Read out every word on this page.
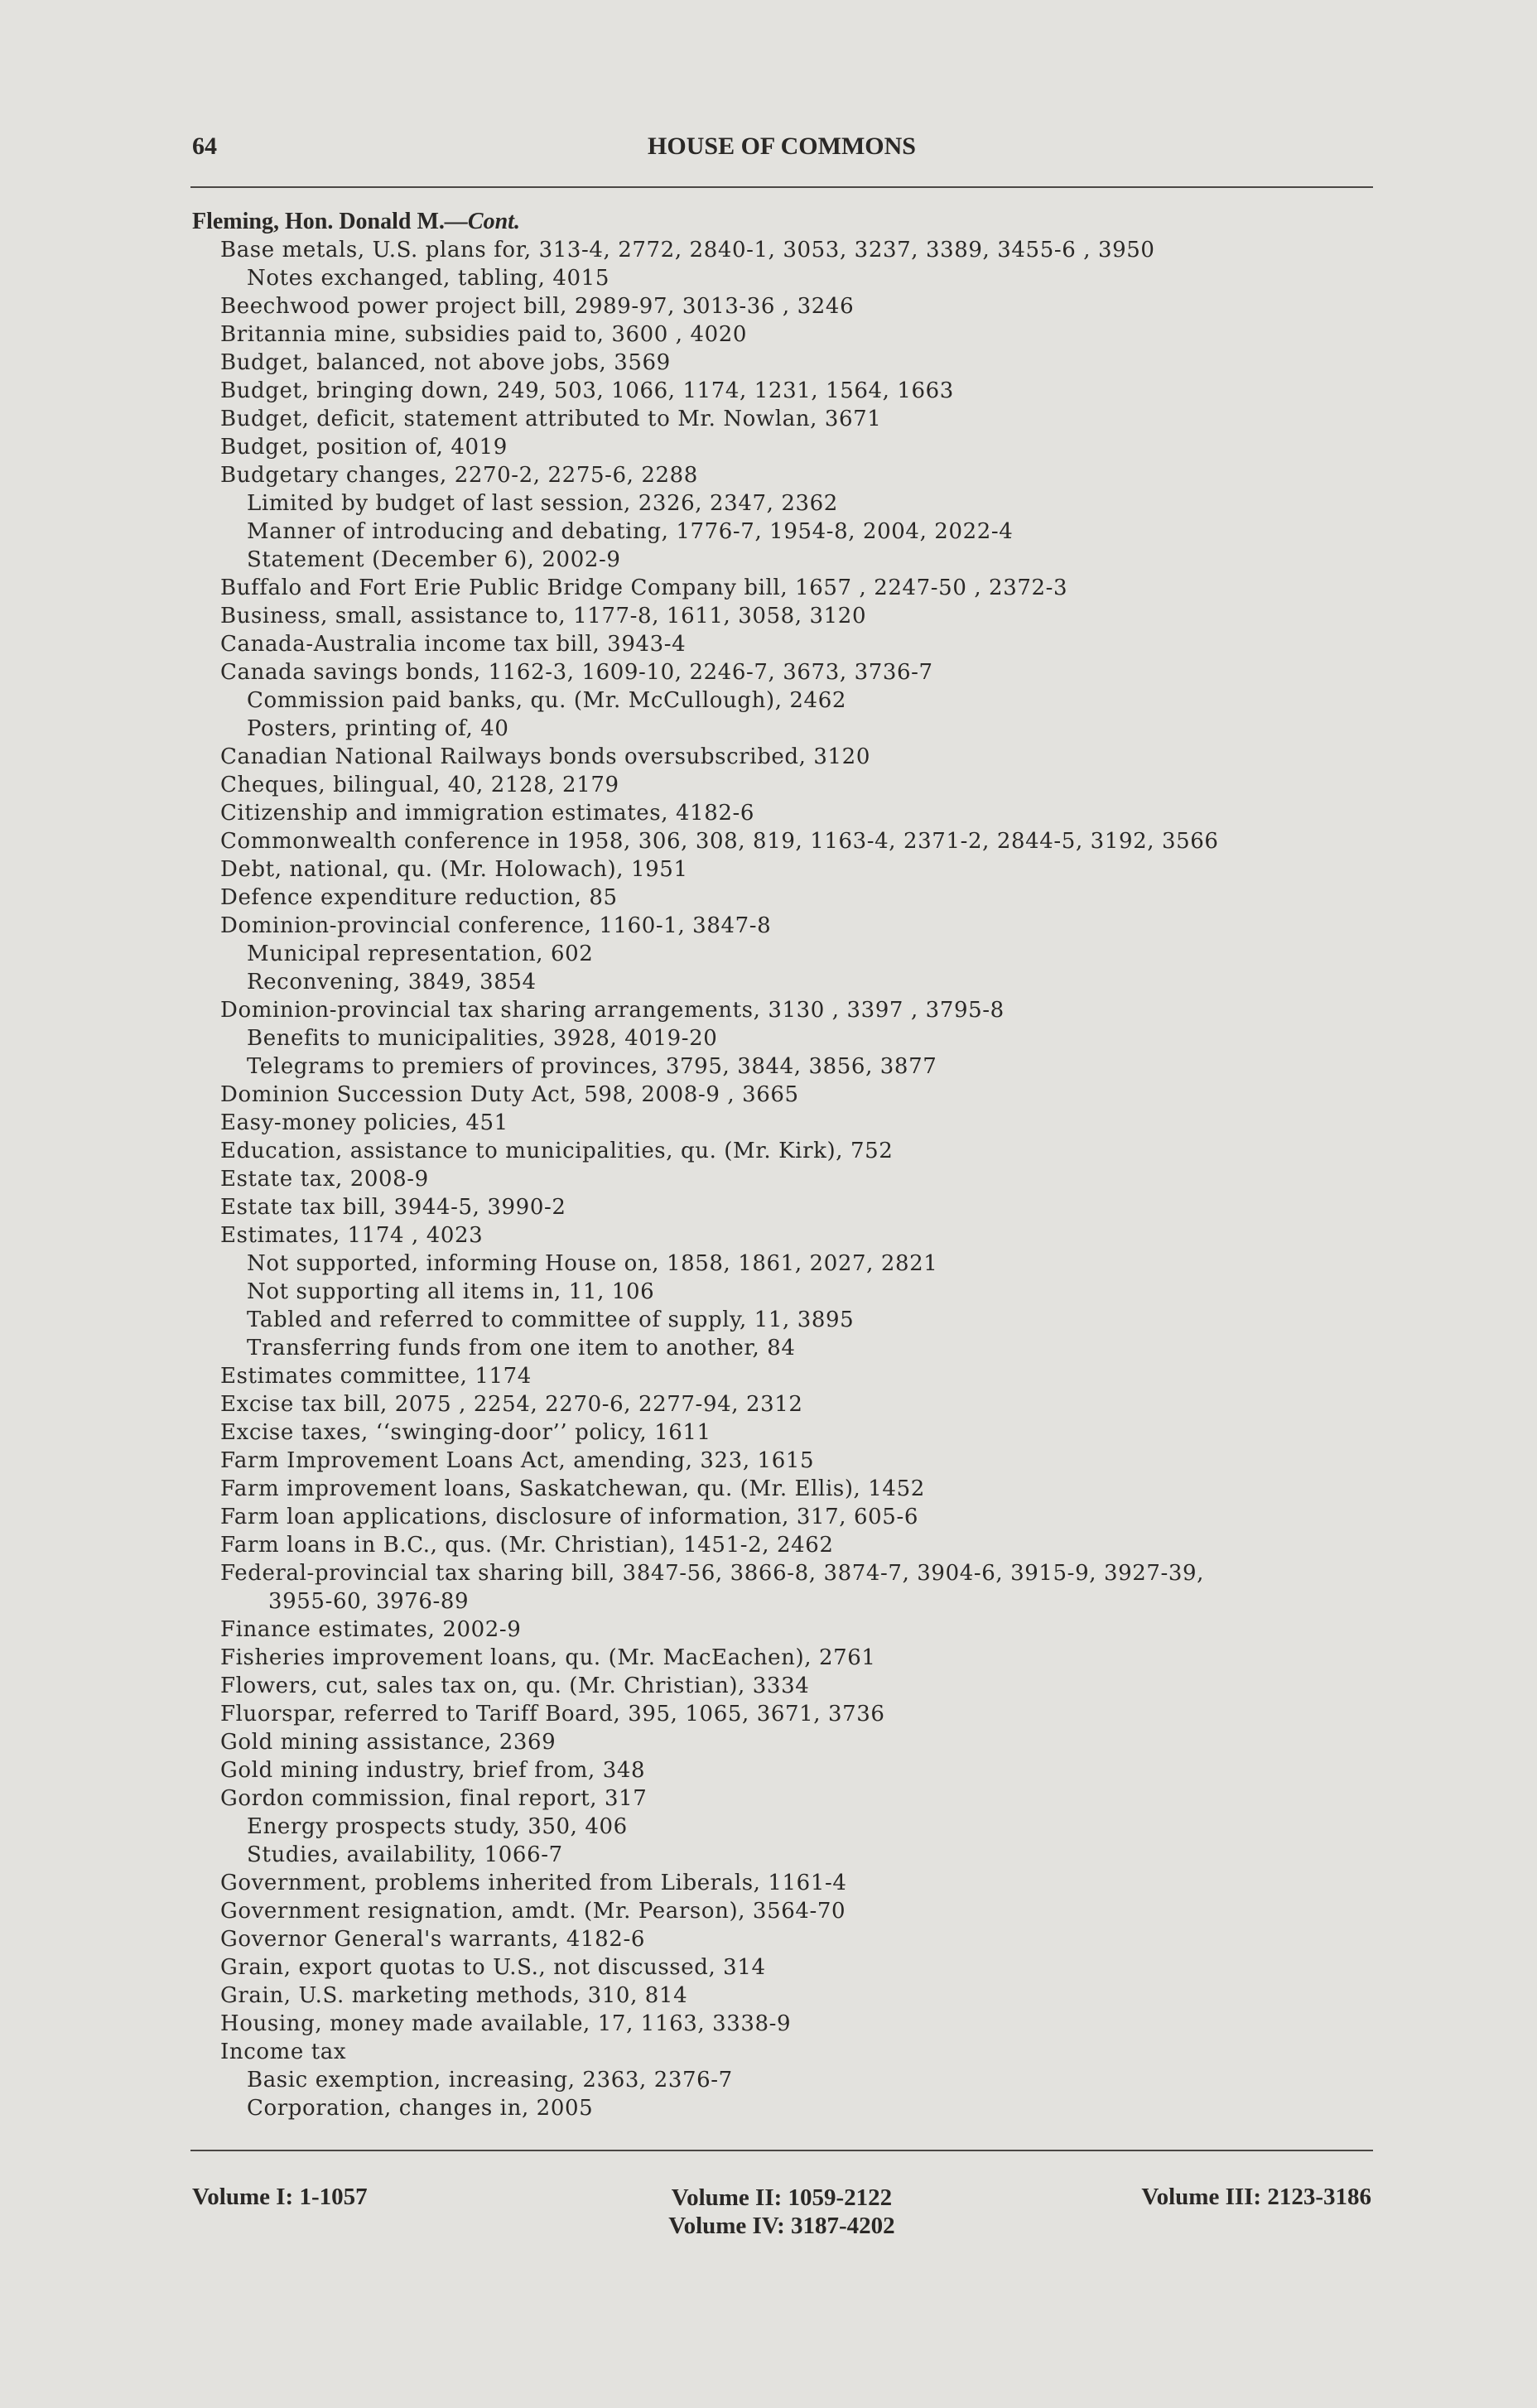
64	HOUSE OF COMMONS
Fleming, Hon. Donald M.—Cont.
Base metals, U.S. plans for, 313-4, 2772, 2840-1, 3053, 3237, 3389, 3455-6 , 3950
Notes exchanged, tabling, 4015
Beechwood power project bill, 2989-97, 3013-36 , 3246
Britannia mine, subsidies paid to, 3600 , 4020
Budget, balanced, not above jobs, 3569
Budget, bringing down, 249, 503, 1066, 1174, 1231, 1564, 1663
Budget, deficit, statement attributed to Mr. Nowlan, 3671
Budget, position of, 4019
Budgetary changes, 2270-2, 2275-6, 2288
Limited by budget of last session, 2326, 2347, 2362
Manner of introducing and debating, 1776-7, 1954-8, 2004, 2022-4
Statement (December 6), 2002-9
Buffalo and Fort Erie Public Bridge Company bill, 1657 , 2247-50 , 2372-3
Business, small, assistance to, 1177-8, 1611, 3058, 3120
Canada-Australia income tax bill, 3943-4
Canada savings bonds, 1162-3, 1609-10, 2246-7, 3673, 3736-7
Commission paid banks, qu. (Mr. McCullough), 2462
Posters, printing of, 40
Canadian National Railways bonds oversubscribed, 3120
Cheques, bilingual, 40, 2128, 2179
Citizenship and immigration estimates, 4182-6
Commonwealth conference in 1958, 306, 308, 819, 1163-4, 2371-2, 2844-5, 3192, 3566
Debt, national, qu. (Mr. Holowach), 1951
Defence expenditure reduction, 85
Dominion-provincial conference, 1160-1, 3847-8
Municipal representation, 602
Reconvening, 3849, 3854
Dominion-provincial tax sharing arrangements, 3130 , 3397 , 3795-8
Benefits to municipalities, 3928, 4019-20
Telegrams to premiers of provinces, 3795, 3844, 3856, 3877
Dominion Succession Duty Act, 598, 2008-9 , 3665
Easy-money policies, 451
Education, assistance to municipalities, qu. (Mr. Kirk), 752
Estate tax, 2008-9
Estate tax bill, 3944-5, 3990-2
Estimates, 1174 , 4023
Not supported, informing House on, 1858, 1861, 2027, 2821
Not supporting all items in, 11, 106
Tabled and referred to committee of supply, 11, 3895
Transferring funds from one item to another, 84
Estimates committee, 1174
Excise tax bill, 2075 , 2254, 2270-6, 2277-94, 2312
Excise taxes, ‘‘swinging-door’’ policy, 1611
Farm Improvement Loans Act, amending, 323, 1615
Farm improvement loans, Saskatchewan, qu. (Mr. Ellis), 1452
Farm loan applications, disclosure of information, 317, 605-6
Farm loans in B.C., qus. (Mr. Christian), 1451-2, 2462
Federal-provincial tax sharing bill, 3847-56, 3866-8, 3874-7, 3904-6, 3915-9, 3927-39,
3955-60, 3976-89
Finance estimates, 2002-9
Fisheries improvement loans, qu. (Mr. MacEachen), 2761
Flowers, cut, sales tax on, qu. (Mr. Christian), 3334
Fluorspar, referred to Tariff Board, 395, 1065, 3671, 3736
Gold mining assistance, 2369
Gold mining industry, brief from, 348
Gordon commission, final report, 317
Energy prospects study, 350, 406
Studies, availability, 1066-7
Government, problems inherited from Liberals, 1161-4
Government resignation, amdt. (Mr. Pearson), 3564-70
Governor General's warrants, 4182-6
Grain, export quotas to U.S., not discussed, 314
Grain, U.S. marketing methods, 310, 814
Housing, money made available, 17, 1163, 3338-9
Income tax
Basic exemption, increasing, 2363, 2376-7
Corporation, changes in, 2005
Volume I: 1-1057	Volume II: 1059-2122
Volume IV: 3187-4202
Volume III: 2123-3186
